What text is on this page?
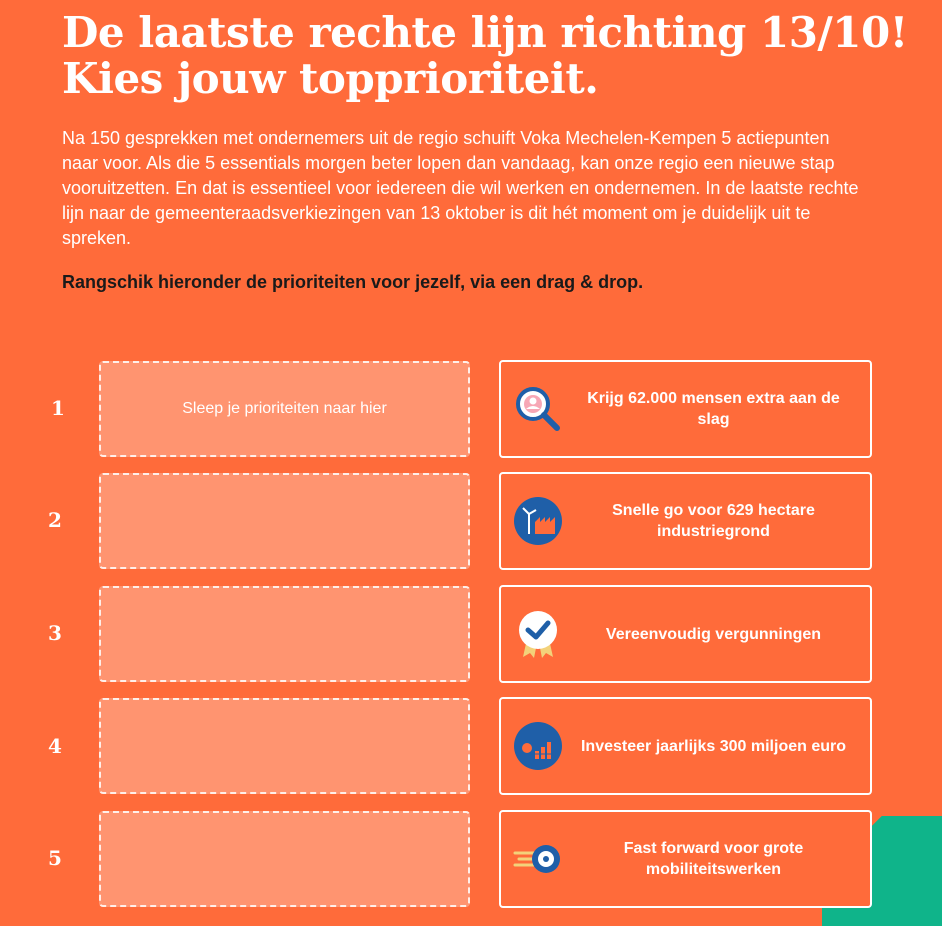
De laatste rechte lijn richting 13/10!
Kies jouw topprioriteit.

Na 150 gesprekken met ondernemers uit de regio schuift Voka Mechelen-Kempen 5 actiepunten naar voor. Als die 5 essentials morgen beter lopen dan vandaag, kan onze regio een nieuwe stap vooruitzetten. En dat is essentieel voor iedereen die wil werken en ondernemen. In de laatste rechte lijn naar de gemeenteraadsverkiezingen van 13 oktober is dit hét moment om je duidelijk uit te spreken.

Rangschik hieronder de prioriteiten voor jezelf, via een drag & drop.

1
2
3
4
5
Sleep je prioriteiten naar hier
Krijg 62.000 mensen extra aan de slag
Snelle go voor 629 hectare industriegrond
Vereenvoudig vergunningen
Investeer jaarlijks 300 miljoen euro
Fast forward voor grote mobiliteitswerken
